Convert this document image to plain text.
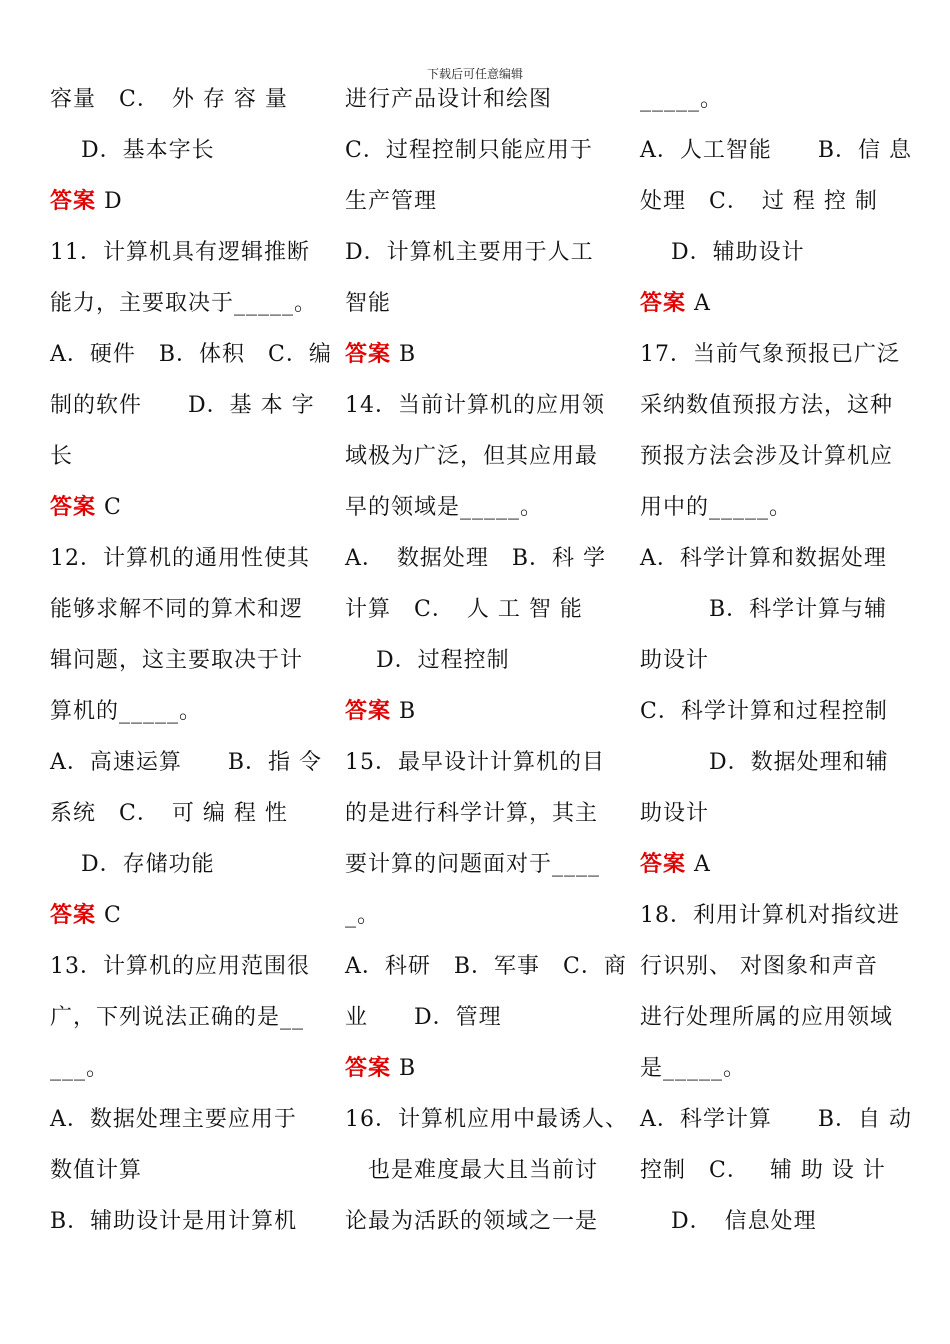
下载后可任意编辑
容量　C．　外 存 容 量
　 D．基本字长
答案 D
11．计算机具有逻辑推断
能力，主要取决于_____。
A．硬件　B．体积　C．编
制的软件　　D．基 本 字
长
答案 C
12．计算机的通用性使其
能够求解不同的算术和逻
辑问题，这主要取决于计
算机的_____。
A．高速运算　　B．指 令
系统　C．　可 编 程 性
　 D．存储功能
答案 C
13．计算机的应用范围很
广，下列说法正确的是__
___。
A．数据处理主要应用于
数值计算
B．辅助设计是用计算机
进行产品设计和绘图
C．过程控制只能应用于
生产管理
D．计算机主要用于人工
智能
答案 B
14．当前计算机的应用领
域极为广泛，但其应用最
早的领域是_____。
A．　数据处理　B．科 学
计算　C．　人 工 智 能
　 D．过程控制
答案 B
15．最早设计计算机的目
的是进行科学计算，其主
要计算的问题面对于____
_。
A．科研　B．军事　C．商
业　　D．管理
答案 B
16．计算机应用中最诱人、
　也是难度最大且当前讨
论最为活跃的领域之一是
_____。
A．人工智能　　B．信 息
处理　C．　过 程 控 制
　 D．辅助设计
答案 A
17．当前气象预报已广泛
采纳数值预报方法，这种
预报方法会涉及计算机应
用中的_____。
A．科学计算和数据处理
　　　B．科学计算与辅
助设计
C．科学计算和过程控制
　　　D．数据处理和辅
助设计
答案 A
18．利用计算机对指纹进
行识别、 对图象和声音
进行处理所属的应用领域
是_____。
A．科学计算　　B．自 动
控制　C．　 辅 助 设 计
　 D．　信息处理
